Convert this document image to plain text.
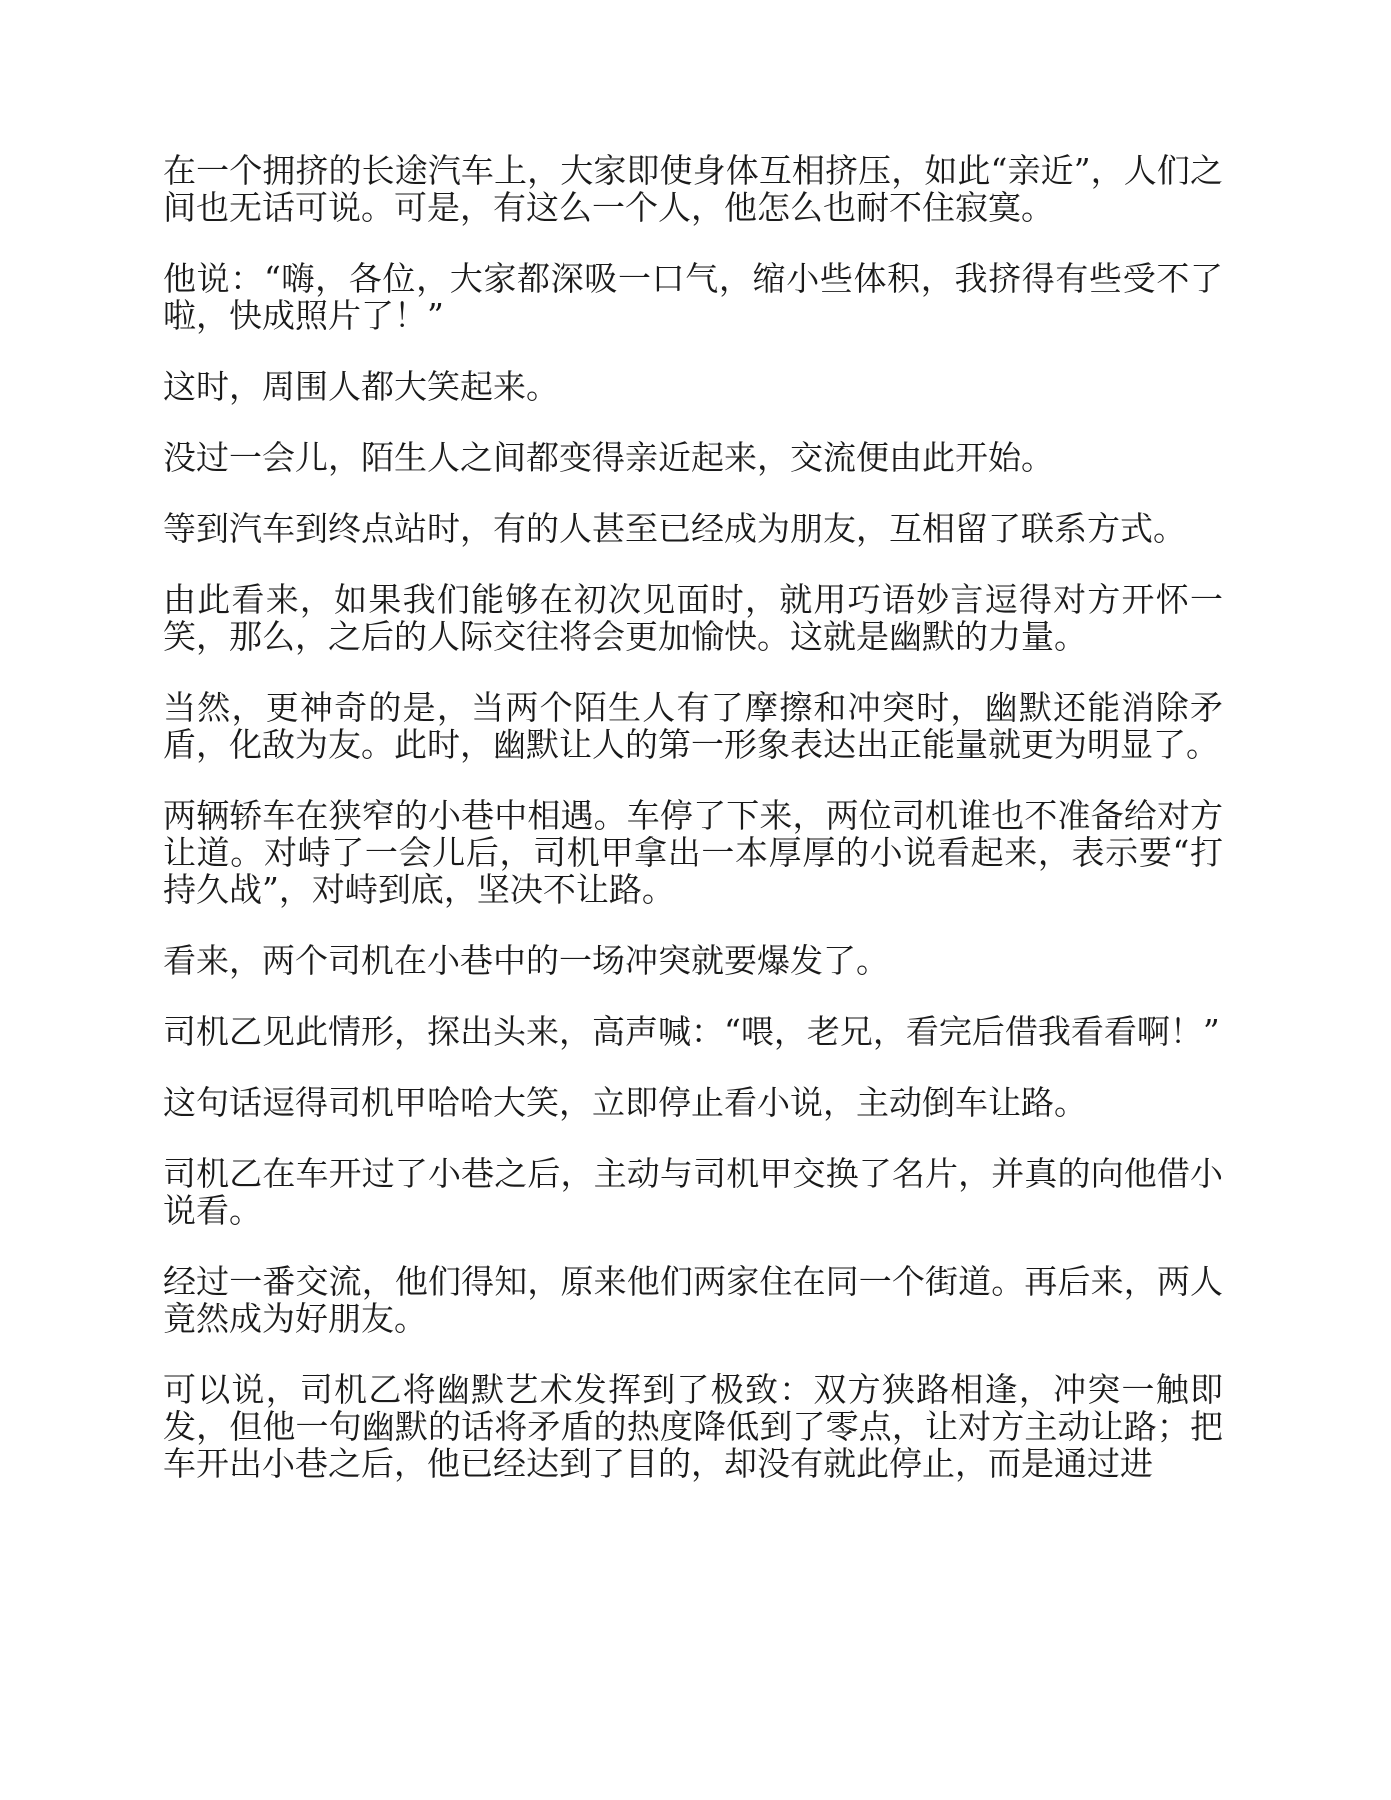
在一个拥挤的长途汽车上，大家即使身体互相挤压，如此“亲近”，人们之间也无话可说。可是，有这么一个人，他怎么也耐不住寂寞。

他说：“嗨，各位，大家都深吸一口气，缩小些体积，我挤得有些受不了啦，快成照片了！”

这时，周围人都大笑起来。

没过一会儿，陌生人之间都变得亲近起来，交流便由此开始。

等到汽车到终点站时，有的人甚至已经成为朋友，互相留了联系方式。

由此看来，如果我们能够在初次见面时，就用巧语妙言逗得对方开怀一笑，那么，之后的人际交往将会更加愉快。这就是幽默的力量。

当然，更神奇的是，当两个陌生人有了摩擦和冲突时，幽默还能消除矛盾，化敌为友。此时，幽默让人的第一形象表达出正能量就更为明显了。

两辆轿车在狭窄的小巷中相遇。车停了下来，两位司机谁也不准备给对方让道。对峙了一会儿后，司机甲拿出一本厚厚的小说看起来，表示要“打持久战”，对峙到底，坚决不让路。

看来，两个司机在小巷中的一场冲突就要爆发了。

司机乙见此情形，探出头来，高声喊：“喂，老兄，看完后借我看看啊！”

这句话逗得司机甲哈哈大笑，立即停止看小说，主动倒车让路。

司机乙在车开过了小巷之后，主动与司机甲交换了名片，并真的向他借小说看。

经过一番交流，他们得知，原来他们两家住在同一个街道。再后来，两人竟然成为好朋友。

可以说，司机乙将幽默艺术发挥到了极致：双方狭路相逢，冲突一触即发，但他一句幽默的话将矛盾的热度降低到了零点，让对方主动让路；把车开出小巷之后，他已经达到了目的，却没有就此停止，而是通过进
